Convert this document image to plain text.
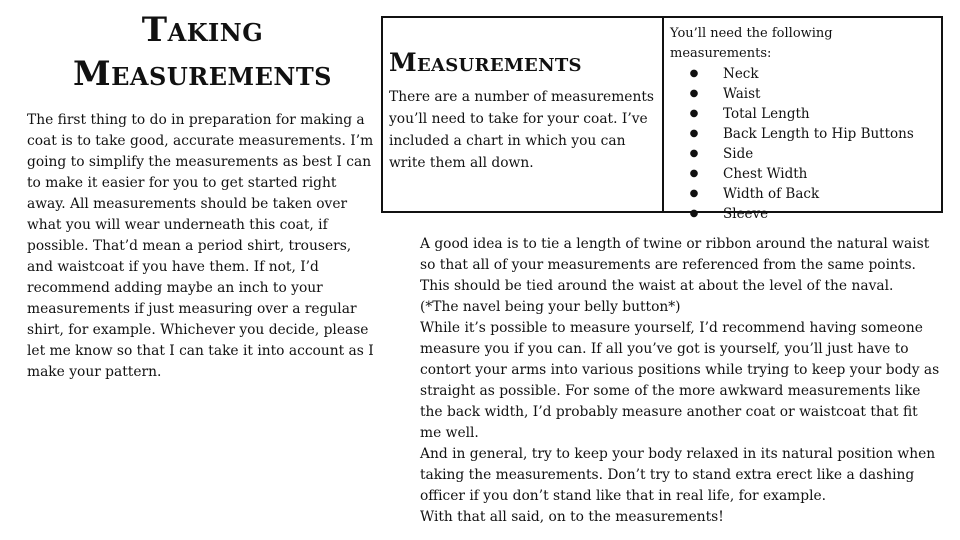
Taking Measurements

The first thing to do in preparation for making a coat is to take good, accurate measurements. I’m going to simplify the measurements as best I can to make it easier for you to get started right away. All measurements should be taken over what you will wear underneath this coat, if possible. That’d mean a period shirt, trousers, and waistcoat if you have them. If not, I’d recommend adding maybe an inch to your measurements if just measuring over a regular shirt, for example. Whichever you decide, please let me know so that I can take it into account as I make your pattern.

Measurements

There are a number of measurements you’ll need to take for your coat. I’ve included a chart in which you can write them all down.

You’ll need the following measurements:

●	Neck
●	Waist
●	Total Length
●	Back Length to Hip Buttons
●	Side
●	Chest Width
●	Width of Back
●	Sleeve

A good idea is to tie a length of twine or ribbon around the natural waist so that all of your measurements are referenced from the same points. This should be tied around the waist at about the level of the naval.

(*The navel being your belly button*)

While it’s possible to measure yourself, I’d recommend having someone measure you if you can. If all you’ve got is yourself, you’ll just have to contort your arms into various positions while trying to keep your body as straight as possible. For some of the more awkward measurements like the back width, I’d probably measure another coat or waistcoat that fit me well.

And in general, try to keep your body relaxed in its natural position when taking the measurements. Don’t try to stand extra erect like a dashing officer if you don’t stand like that in real life, for example.

With that all said, on to the measurements!
